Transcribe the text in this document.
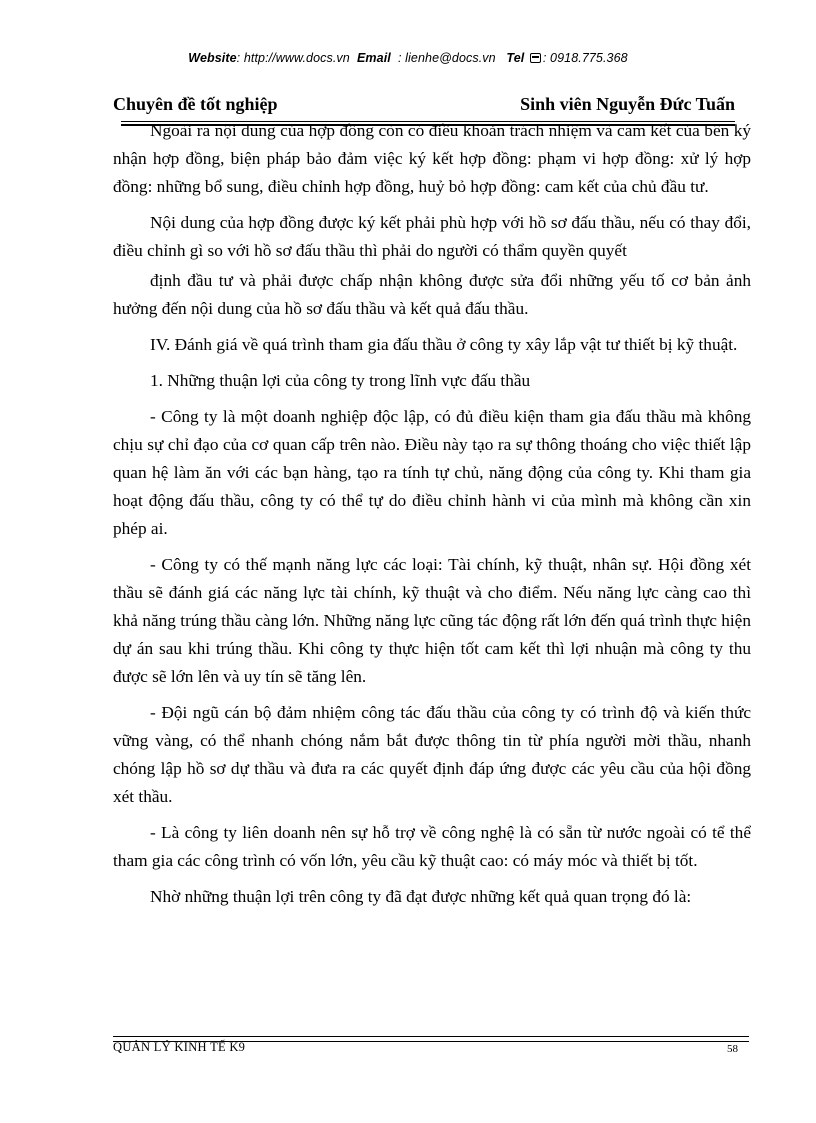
Website: http://www.docs.vn Email : lienhe@docs.vn Tel : 0918.775.368
Chuyên đề tốt nghiệp	Sinh viên Nguyễn Đức Tuấn

Ngoài ra nội dung của hợp đồng còn có điều khoản trách nhiệm và cam kết của bên ký nhận hợp đồng, biện pháp bảo đảm việc ký kết hợp đồng: phạm vi hợp đồng: xử lý hợp đồng: những bổ sung, điều chỉnh hợp đồng, huỷ bỏ hợp đồng: cam kết của chủ đầu tư.

Nội dung của hợp đồng được ký kết phải phù hợp với hồ sơ đấu thầu, nếu có thay đổi, điều chỉnh gì so với hồ sơ đấu thầu thì phải do người có thẩm quyền quyết

định đầu tư và phải được chấp nhận không được sửa đổi những yếu tố cơ bản ảnh hưởng đến nội dung của hồ sơ đấu thầu và kết quả đấu thầu.

IV. Đánh giá về quá trình tham gia đấu thầu ở công ty xây lắp vật tư thiết bị kỹ thuật.

1. Những thuận lợi của công ty trong lĩnh vực đấu thầu

- Công ty là một doanh nghiệp độc lập, có đủ điều kiện tham gia đấu thầu mà không chịu sự chỉ đạo của cơ quan cấp trên nào. Điều này tạo ra sự thông thoáng cho việc thiết lập quan hệ làm ăn với các bạn hàng, tạo ra tính tự chủ, năng động của công ty. Khi tham gia hoạt động đấu thầu, công ty có thể tự do điều chỉnh hành vi của mình mà không cần xin phép ai.

- Công ty có thế mạnh năng lực các loại: Tài chính, kỹ thuật, nhân sự. Hội đồng xét thầu sẽ đánh giá các năng lực tài chính, kỹ thuật và cho điểm. Nếu năng lực càng cao thì khả năng trúng thầu càng lớn. Những năng lực cũng tác động rất lớn đến quá trình thực hiện dự án sau khi trúng thầu. Khi công ty thực hiện tốt cam kết thì lợi nhuận mà công ty thu được sẽ lớn lên và uy tín sẽ tăng lên.

- Đội ngũ cán bộ đảm nhiệm công tác đấu thầu của công ty có trình độ và kiến thức vững vàng, có thể nhanh chóng nắm bắt được thông tin từ phía người mời thầu, nhanh chóng lập hồ sơ dự thầu và đưa ra các quyết định đáp ứng được các yêu cầu của hội đồng xét thầu.

- Là công ty liên doanh nên sự hỗ trợ về công nghệ là có sẵn từ nước ngoài có tể thể tham gia các công trình có vốn lớn, yêu cầu kỹ thuật cao: có máy móc và thiết bị tốt.

Nhờ những thuận lợi trên công ty đã đạt được những kết quả quan trọng đó là:

QUẢN LÝ KINH TẾ K9	58
